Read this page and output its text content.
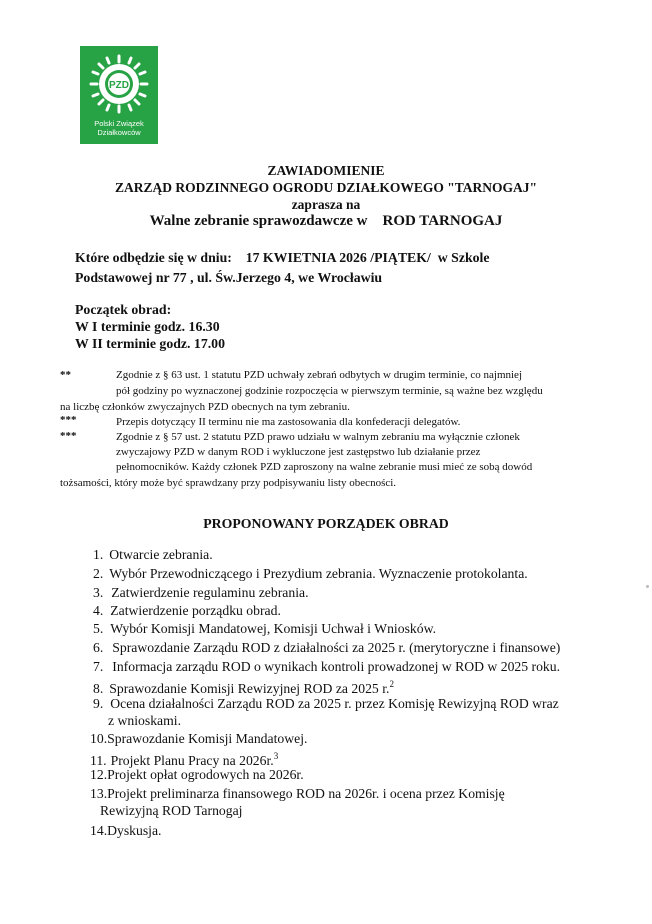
PZD
Polski Związek
Działkowców
ZAWIADOMIENIE
ZARZĄD RODZINNEGO OGRODU DZIAŁKOWEGO "TARNOGAJ"
zaprasza na
Walne zebranie sprawozdawcze w ROD TARNOGAJ
Które odbędzie się w dniu: 17 KWIETNIA 2026 /PIĄTEK/ w Szkole
Podstawowej nr 77 , ul. Św.Jerzego 4, we Wrocławiu
Początek obrad:
W I terminie godz. 16.30
W II terminie godz. 17.00
**	Zgodnie z § 63 ust. 1 statutu PZD uchwały zebrań odbytych w drugim terminie, co najmniej
pół godziny po wyznaczonej godzinie rozpoczęcia w pierwszym terminie, są ważne bez względu
na liczbę członków zwyczajnych PZD obecnych na tym zebraniu.
***	Przepis dotyczący II terminu nie ma zastosowania dla konfederacji delegatów.
***	Zgodnie z § 57 ust. 2 statutu PZD prawo udziału w walnym zebraniu ma wyłącznie członek
zwyczajowy PZD w danym ROD i wykluczone jest zastępstwo lub działanie przez
pełnomocników. Każdy członek PZD zaproszony na walne zebranie musi mieć ze sobą dowód
tożsamości, który może być sprawdzany przy podpisywaniu listy obecności.
PROPONOWANY PORZĄDEK OBRAD
1. Otwarcie zebrania.
2. Wybór Przewodniczącego i Prezydium zebrania. Wyznaczenie protokolanta.
3. Zatwierdzenie regulaminu zebrania.
4. Zatwierdzenie porządku obrad.
5. Wybór Komisji Mandatowej, Komisji Uchwał i Wniosków.
6. Sprawozdanie Zarządu ROD z działalności za 2025 r. (merytoryczne i finansowe)
7. Informacja zarządu ROD o wynikach kontroli prowadzonej w ROD w 2025 roku.
8. Sprawozdanie Komisji Rewizyjnej ROD za 2025 r.$^2$
9. Ocena działalności Zarządu ROD za 2025 r. przez Komisję Rewizyjną ROD wraz
z wnioskami.
10.Sprawozdanie Komisji Mandatowej.
11. Projekt Planu Pracy na 2026r.$^3$
12.Projekt opłat ogrodowych na 2026r.
13.Projekt preliminarza finansowego ROD na 2026r. i ocena przez Komisję
Rewizyjną ROD Tarnogaj
14.Dyskusja.
